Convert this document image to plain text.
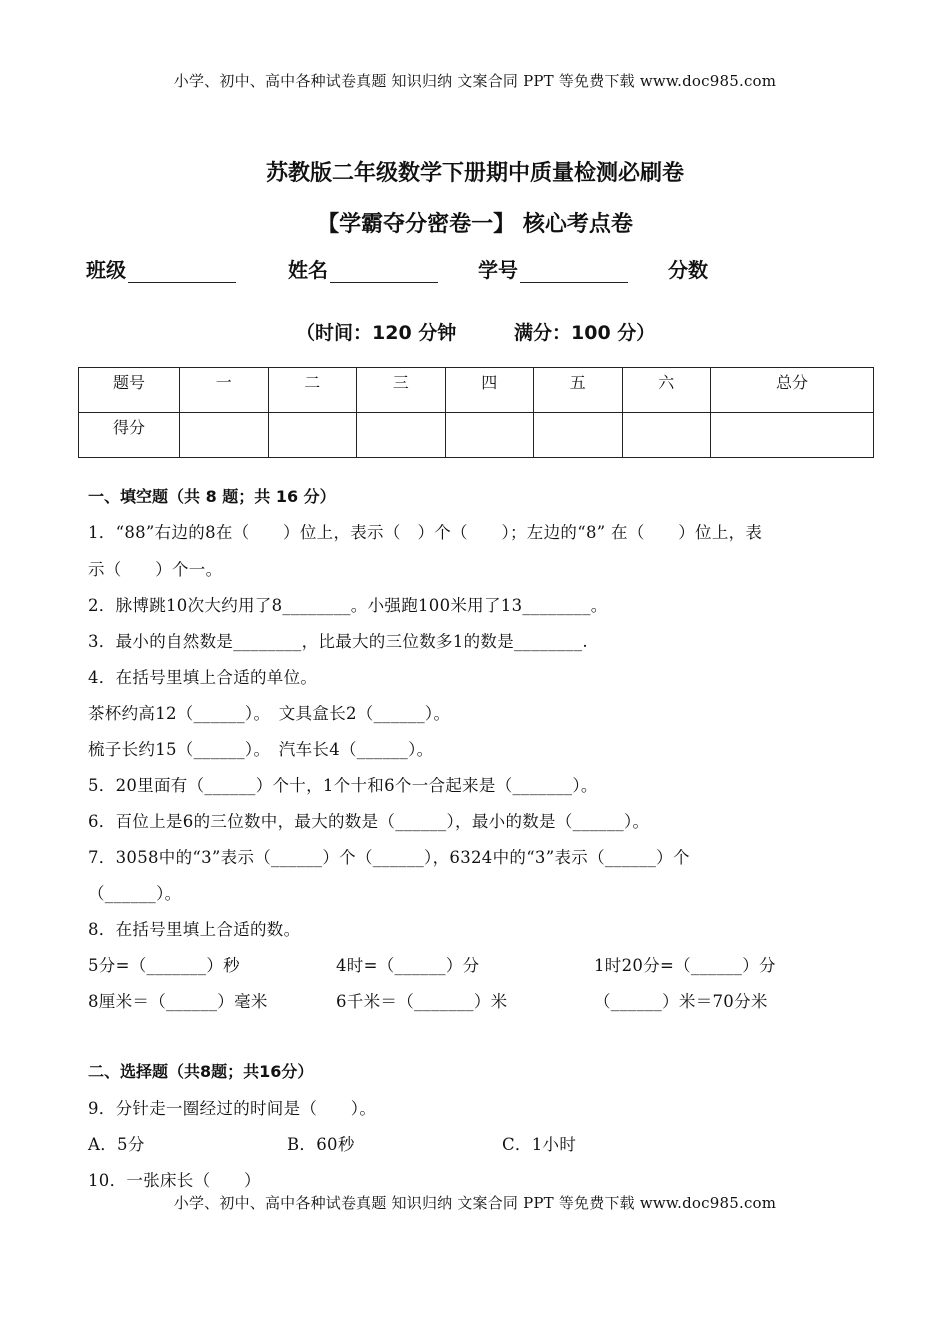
小学、初中、高中各种试卷真题 知识归纳 文案合同 PPT 等免费下载 www.doc985.com
苏教版二年级数学下册期中质量检测必刷卷
【学霸夺分密卷一】 核心考点卷
班级	姓名	学号	分数
（时间：120 分钟	满分：100 分）
题号	一	二	三	四	五	六	总分
得分							
一、填空题（共 8 题；共 16 分）
1．“88”右边的8在（　　）位上，表示（　）个（　　）；左边的“8” 在（　　）位上，表
示（　　）个一。
2．脉博跳10次大约用了8________。小强跑100米用了13________。
3．最小的自然数是________，比最大的三位数多1的数是________.
4．在括号里填上合适的单位。
茶杯约高12（______）。　文具盒长2（______）。
梳子长约15（______）。　汽车长4（______）。
5．20里面有（______）个十，1个十和6个一合起来是（_______）。
6．百位上是6的三位数中，最大的数是（______），最小的数是（______）。
7．3058中的“3”表示（______）个（______），6324中的“3”表示（______）个
（______）。
8．在括号里填上合适的数。
5分=（_______）秒	4时=（______）分	1时20分=（______）分
8厘米＝（______）毫米	6千米＝（_______）米	（______）米＝70分米
二、选择题（共8题；共16分）
9．分针走一圈经过的时间是（　　）。
A．5分	B．60秒	C．1小时
10．一张床长（　　）
小学、初中、高中各种试卷真题 知识归纳 文案合同 PPT 等免费下载 www.doc985.com
